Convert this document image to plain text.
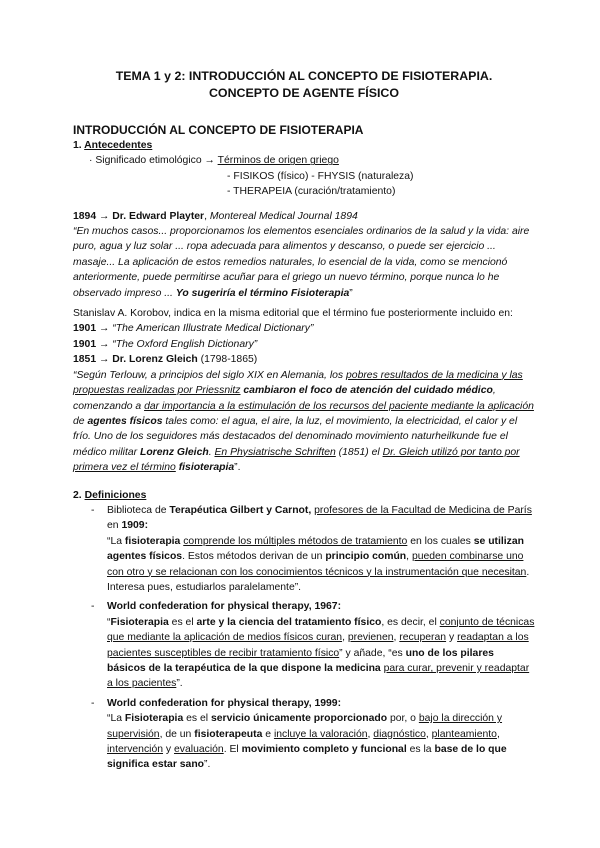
TEMA 1 y 2: INTRODUCCIÓN AL CONCEPTO DE FISIOTERAPIA.

CONCEPTO DE AGENTE FÍSICO

INTRODUCCIÓN AL CONCEPTO DE FISIOTERAPIA
1. Antecedentes
· Significado etimológico → Términos de origen griego
- FISIKOS (físico) - FHYSIS (naturaleza)
- THERAPEIA (curación/tratamiento)

1894 → Dr. Edward Playter, Montereal Medical Journal 1894

“En muchos casos... proporcionamos los elementos esenciales ordinarios de la salud y la vida: aire puro, agua y luz solar ... ropa adecuada para alimentos y descanso, o puede ser ejercicio ... masaje... La aplicación de estos remedios naturales, lo esencial de la vida, como se mencionó anteriormente, puede permitirse acuñar para el griego un nuevo término, porque nunca lo he observado impreso ... Yo sugeriría el término Fisioterapia”

Stanislav A. Korobov, indica en la misma editorial que el término fue posteriormente incluido en:

1901 → “The American Illustrate Medical Dictionary”

1901 → “The Oxford English Dictionary”

1851 → Dr. Lorenz Gleich (1798-1865)

“Según Terlouw, a principios del siglo XIX en Alemania, los pobres resultados de la medicina y las propuestas realizadas por Priessnitz cambiaron el foco de atención del cuidado médico, comenzando a dar importancia a la estimulación de los recursos del paciente mediante la aplicación de agentes físicos tales como: el agua, el aire, la luz, el movimiento, la electricidad, el calor y el frío. Uno de los seguidores más destacados del denominado movimiento naturheilkunde fue el médico militar Lorenz Gleich. En Physiatrische Schriften (1851) el Dr. Gleich utilizó por tanto por primera vez el término fisioterapia”.

2. Definiciones
- Biblioteca de Terapéutica Gilbert y Carnot, profesores de la Facultad de Medicina de París en 1909:

“La fisioterapia comprende los múltiples métodos de tratamiento en los cuales se utilizan agentes físicos. Estos métodos derivan de un principio común, pueden combinarse uno con otro y se relacionan con los conocimientos técnicos y la instrumentación que necesitan. Interesa pues, estudiarlos paralelamente”.

- World confederation for physical therapy, 1967:

“Fisioterapia es el arte y la ciencia del tratamiento físico, es decir, el conjunto de técnicas que mediante la aplicación de medios físicos curan, previenen, recuperan y readaptan a los pacientes susceptibles de recibir tratamiento físico” y añade, “es uno de los pilares básicos de la terapéutica de la que dispone la medicina para curar, prevenir y readaptar a los pacientes”.

- World confederation for physical therapy, 1999:

“La Fisioterapia es el servicio únicamente proporcionado por, o bajo la dirección y supervisión, de un fisioterapeuta e incluye la valoración, diagnóstico, planteamiento, intervención y evaluación. El movimiento completo y funcional es la base de lo que significa estar sano”.
